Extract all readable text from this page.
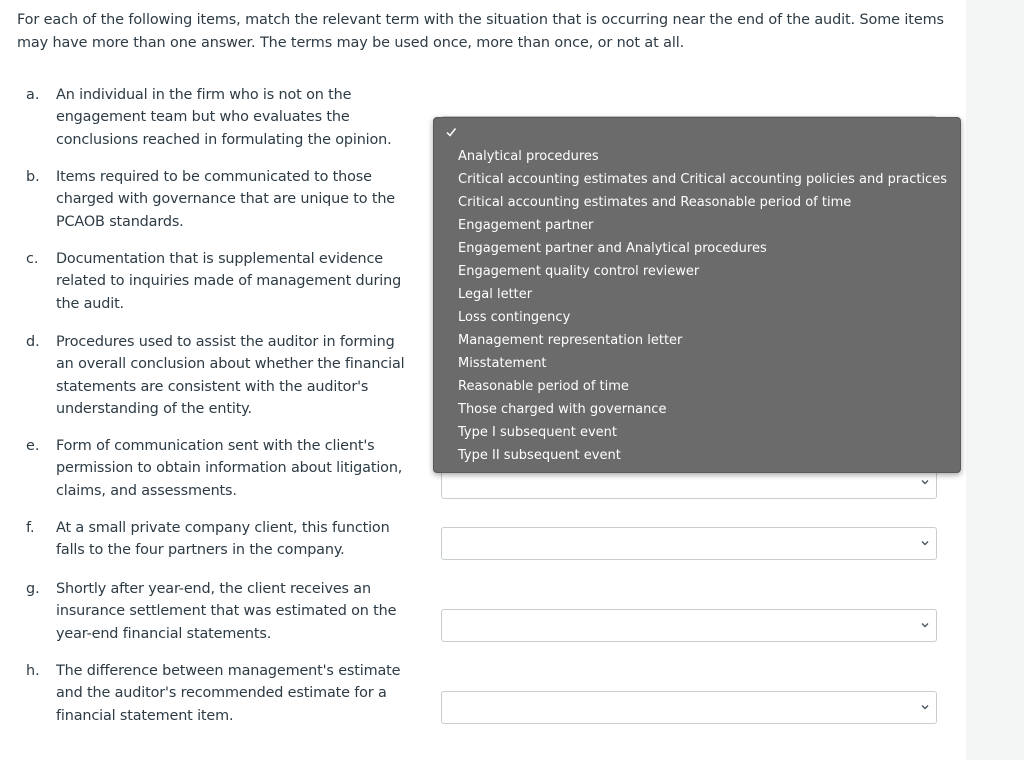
For each of the following items, match the relevant term with the situation that is occurring near the end of the audit. Some items may have more than one answer. The terms may be used once, more than once, or not at all.
a. An individual in the firm who is not on the engagement team but who evaluates the conclusions reached in formulating the opinion.
b. Items required to be communicated to those charged with governance that are unique to the PCAOB standards.
c. Documentation that is supplemental evidence related to inquiries made of management during the audit.
d. Procedures used to assist the auditor in forming an overall conclusion about whether the financial statements are consistent with the auditor's understanding of the entity.
e. Form of communication sent with the client's permission to obtain information about litigation, claims, and assessments.
f. At a small private company client, this function falls to the four partners in the company.
g. Shortly after year-end, the client receives an insurance settlement that was estimated on the year-end financial statements.
h. The difference between management's estimate and the auditor's recommended estimate for a financial statement item.
Analytical procedures
Critical accounting estimates and Critical accounting policies and practices
Critical accounting estimates and Reasonable period of time
Engagement partner
Engagement partner and Analytical procedures
Engagement quality control reviewer
Legal letter
Loss contingency
Management representation letter
Misstatement
Reasonable period of time
Those charged with governance
Type I subsequent event
Type II subsequent event
